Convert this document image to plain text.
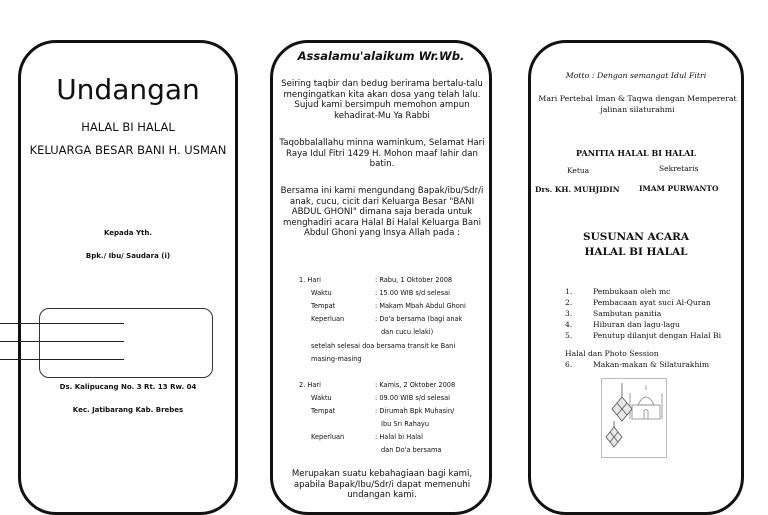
Undangan
HALAL BI HALAL
KELUARGA BESAR BANI H. USMAN
Kepada Yth.
Bpk./ Ibu/ Saudara (i)
Ds. Kalipucang No. 3 Rt. 13 Rw. 04
Kec. Jatibarang Kab. Brebes
Assalamu'alaikum Wr.Wb.
Seiring taqbir dan bedug berirama bertalu-talu mengingatkan kita akan dosa yang telah lalu. Sujud kami bersimpuh memohon ampun kehadirat-Mu Ya Rabbi
Taqobbalallahu minna waminkum, Selamat Hari Raya Idul Fitri 1429 H. Mohon maaf lahir dan batin.
Bersama ini kami mengundang Bapak/ibu/Sdr/i anak, cucu, cicit dari Keluarga Besar "BANI ABDUL GHONI" dimana saja berada untuk menghadiri acara Halal Bi Halal Keluarga Bani Abdul Ghoni yang Insya Allah pada :
1. Hari	: Rabu, 1 Oktober 2008
Waktu	: 15.00 WIB s/d selesai
Tempat	: Makam Mbah Abdul Ghoni
Keperluan	: Do'a bersama (bagi anak
dan cucu lelaki)
setelah selesai doa bersama transit ke Bani
masing-masing
2. Hari	: Kamis, 2 Oktober 2008
Waktu	: 09.00 WIB s/d selesai
Tempat	: Dirumah Bpk Muhasin/
Ibu Sri Rahayu
Keperluan	: Halal bi Halal
dan Do'a bersama
Merupakan suatu kebahagiaan bagi kami, apabila Bapak/Ibu/Sdr/i dapat memenuhi undangan kami.
Motto : Dengan semangat Idul Fitri
Mari Pertebal Iman & Taqwa dengan Mempererat jalinan silaturahmi
PANITIA HALAL BI HALAL
Ketua	Sekretaris
Drs. KH. MUHJIDIN	IMAM PURWANTO
SUSUNAN ACARA
HALAL BI HALAL
1.	Pembukaan oleh mc
2.	Pembacaan ayat suci Al-Quran
3.	Sambutan panitia
4.	Hiburan dan lagu-lagu
5.	Penutup dilanjut dengan Halal Bi
Halal dan Photo Session
6.	Makan-makan & Silaturakhim
